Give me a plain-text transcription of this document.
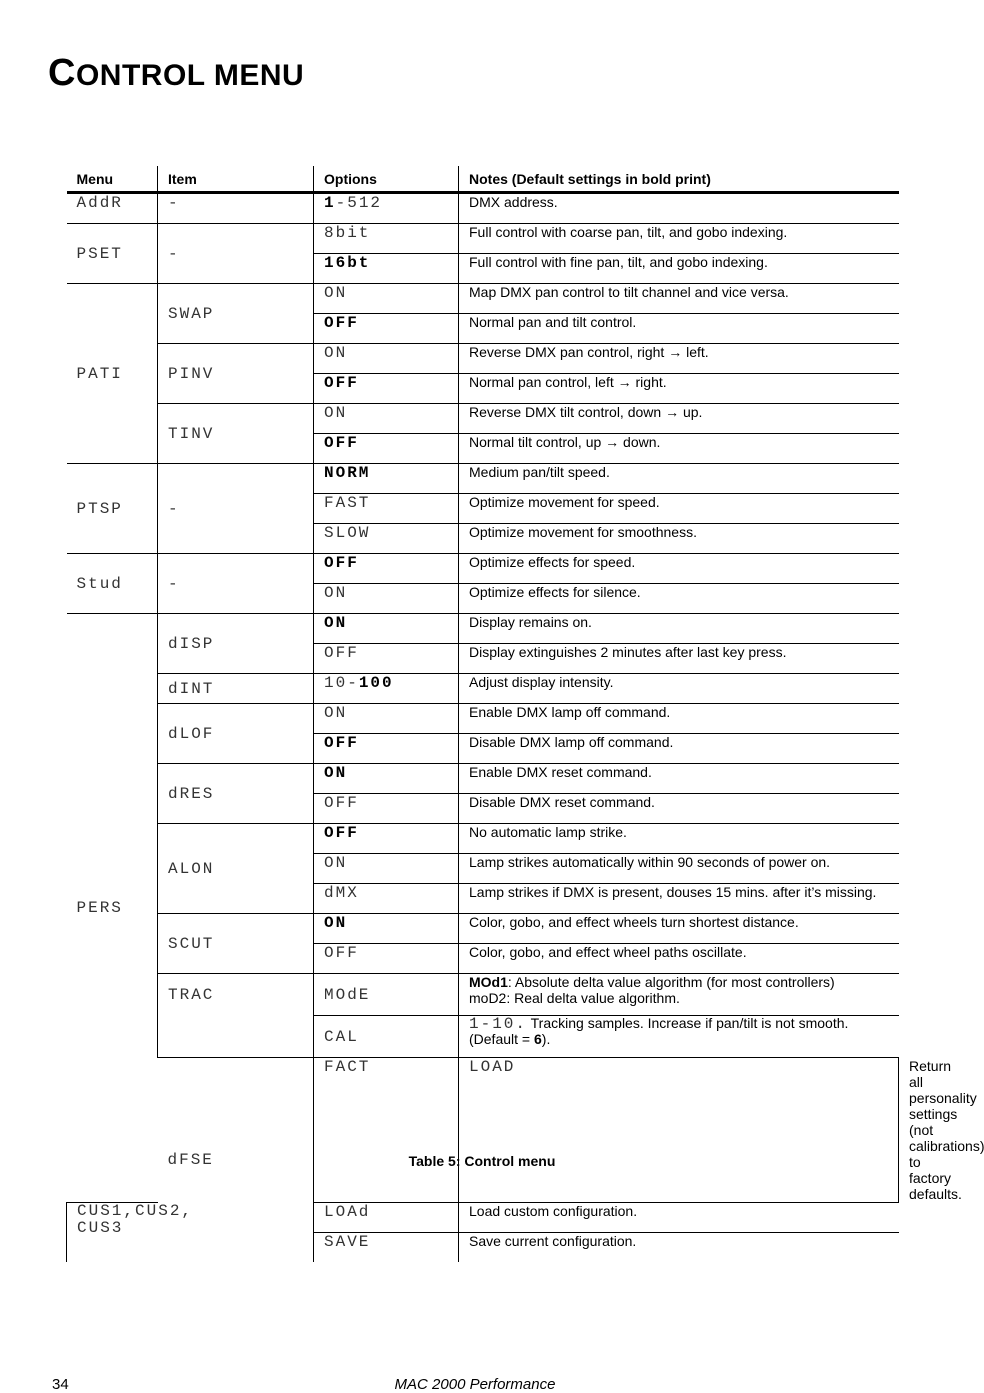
CONTROL MENU
Menu	Item	Options	Notes (Default settings in bold print)	
AddR	-	1-512	DMX address.	
PSET	-	8bit	Full control with coarse pan, tilt, and gobo indexing.	
		16bt	Full control with fine pan, tilt, and gobo indexing.	
PATI	SWAP	ON	Map DMX pan control to tilt channel and vice versa.	
		OFF	Normal pan and tilt control.	
	PINV	ON	Reverse DMX pan control, right → left.	
		OFF	Normal pan control, left → right.	
	TINV	ON	Reverse DMX tilt control, down → up.	
		OFF	Normal tilt control, up → down.	
PTSP	-	NORM	Medium pan/tilt speed.	
		FAST	Optimize movement for speed.	
		SLOW	Optimize movement for smoothness.	
Stud	-	OFF	Optimize effects for speed.	
		ON	Optimize effects for silence.	
PERS	dISP	ON	Display remains on.	
		OFF	Display extinguishes 2 minutes after last key press.	
	dINT	10-100	Adjust display intensity.	
	dLOF	ON	Enable DMX lamp off command.	
		OFF	Disable DMX lamp off command.	
	dRES	ON	Enable DMX reset command.	
		OFF	Disable DMX reset command.	
	ALON	OFF	No automatic lamp strike.	
		ON	Lamp strikes automatically within 90 seconds of power on.	
		dMX	Lamp strikes if DMX is present, douses 15 mins. after it’s missing.	
	SCUT	ON	Color, gobo, and effect wheels turn shortest distance.	
		OFF	Color, gobo, and effect wheel paths oscillate.	
	TRAC	MOdE	MOd1: Absolute delta value algorithm (for most controllers)
moD2: Real delta value algorithm.	
		CAL	1-10. Tracking samples. Increase if pan/tilt is not smooth.
(Default = 6).	
	dFSE	FACT	LOAD	Return all personality settings (not calibrations) to factory defaults.
CUS1,CUS2, CUS3		LOAd	Load custom configuration.	
		SAVE	Save current configuration.	
Table 5: Control menu
34	MAC 2000 Performance
